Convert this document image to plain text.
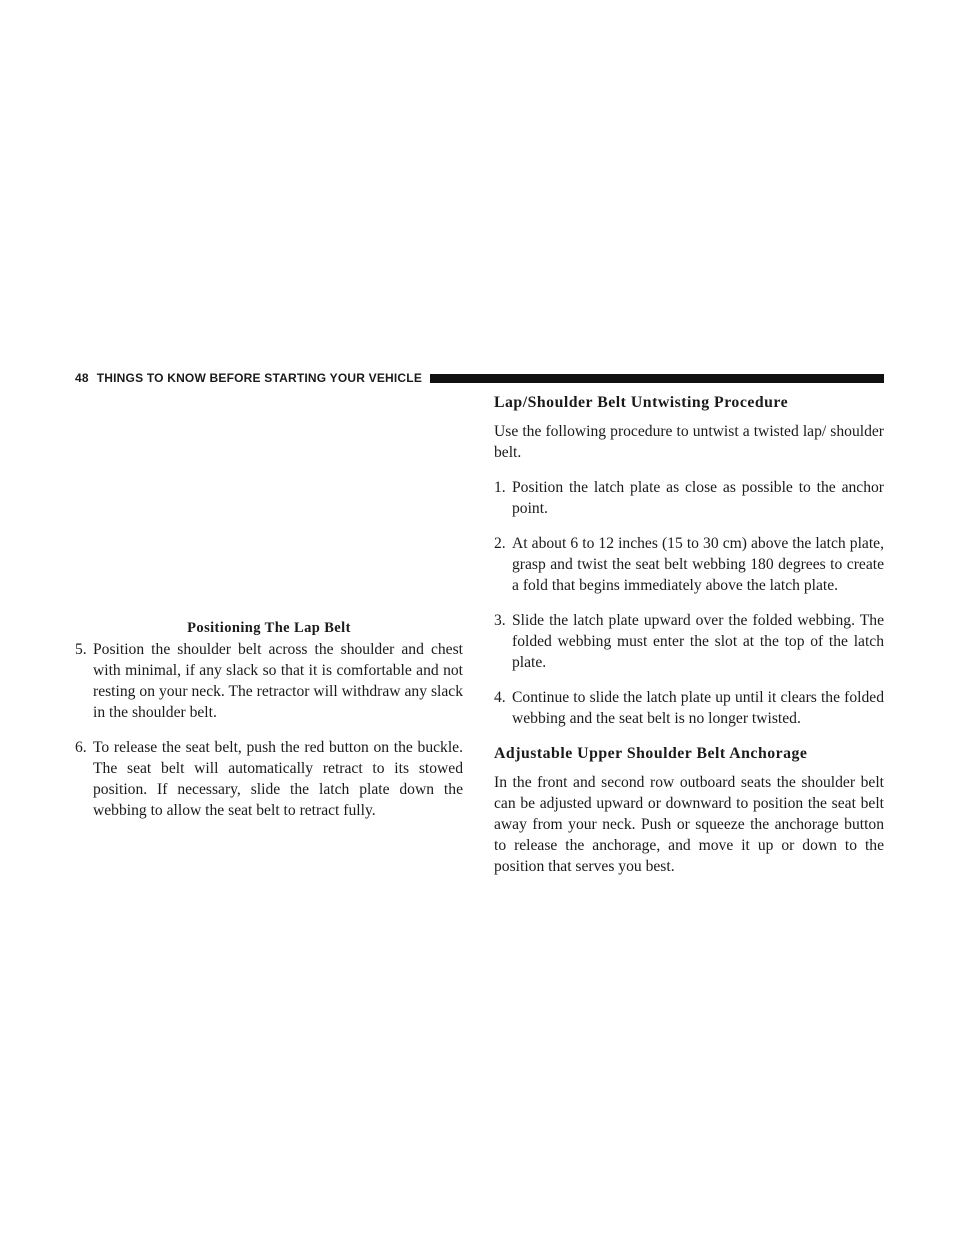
48 THINGS TO KNOW BEFORE STARTING YOUR VEHICLE
Positioning The Lap Belt
5. Position the shoulder belt across the shoulder and chest with minimal, if any slack so that it is comfortable and not resting on your neck. The retractor will withdraw any slack in the shoulder belt.
6. To release the seat belt, push the red button on the buckle. The seat belt will automatically retract to its stowed position. If necessary, slide the latch plate down the webbing to allow the seat belt to retract fully.
Lap/Shoulder Belt Untwisting Procedure
Use the following procedure to untwist a twisted lap/ shoulder belt.
1. Position the latch plate as close as possible to the anchor point.
2. At about 6 to 12 inches (15 to 30 cm) above the latch plate, grasp and twist the seat belt webbing 180 degrees to create a fold that begins immediately above the latch plate.
3. Slide the latch plate upward over the folded webbing. The folded webbing must enter the slot at the top of the latch plate.
4. Continue to slide the latch plate up until it clears the folded webbing and the seat belt is no longer twisted.
Adjustable Upper Shoulder Belt Anchorage
In the front and second row outboard seats the shoulder belt can be adjusted upward or downward to position the seat belt away from your neck. Push or squeeze the anchorage button to release the anchorage, and move it up or down to the position that serves you best.
